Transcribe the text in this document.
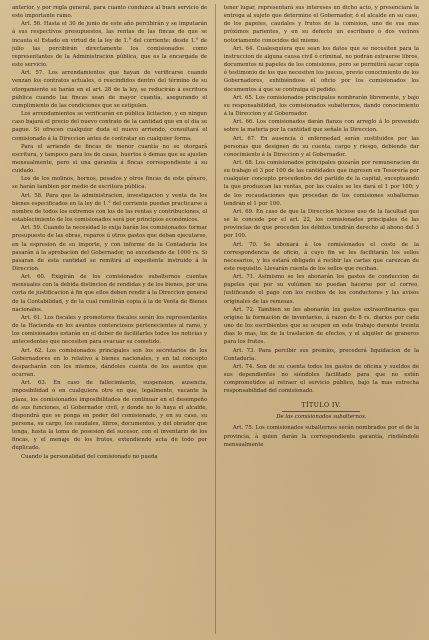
anterior, y por regla general, para cuanto conduzca al buen servicio de este importante ramo.

Art. 56. Hasta el 30 de junio de este año percibirán y se imputarán á sus respectivos presupuestos, las rentas de las fincas de que se incauta el Estado en virtud de la ley de 1.° del corriente; desde 1.° de julio las percibirán directamente los comisionados como representantes de la Administracion pública, que es la encargada de este servicio.

Art. 57. Los arrendamientos que hayan de verificarse cuando venzan los contratos actuales, ó rescindidos dentro del término de su otorgamiento se harán en el art. 28 de la ley, se reducirán á escritura pública cuando las fincas sean de mayor cuantía, asegurando el cumplimiento de las condiciones que se estipulen.

Los arrendamientos se verificarán en pública licitacion, y en ningun caso bajará el precio del nuevo contrato de la cantidad que en el dia se pague. Si ofrecen cualquier duda el nuevo arriendo, consultará el comisionado á la Direccion antes de contratar en cualquier forma.

Para el arriendo de fincas de menor cuantía no se otorgará escritura, y tampoco para los de casas, huertos ó demas que se ajusten mensualmente, pero si una garantía á fincas correspondiente á su cuidado.

Los de los molinos, hornos, pesados y otros fincas de este género, se harán tambien por medio de escritura pública.

Art. 58. Para que la administracion, investigacion y venta de los bienes especificados en la ley de 1.° del corriente puedan practicarse á nombre de todos los extremos con los de las rentas y contribuciones, el establecimiento de los comisionados será por principios económicos.

Art. 59. Cuando la necesidad lo exija harán los comisionados formar presupuesto de las obras, reparos ú otros gastos que deban ejecutarse, en la espresion de su importe, y con informe de la Contaduría los pasarán á la aprobacion del Gobernador, no excediendo de 1000 rs. Si pasaran de esta cantidad se remitirá al expediente instruido á la Direccion.

Art. 60. Exigirán de los comisionados subalternos cuentas mensuales con la debida distincion de rendidas y de los bienes, por una corta de justificacion á fin que ellos deben rendir á la Direccion general de la Contabilidad, y de la cual remitirán copia á la de Venta de Bienes nacionales.

Art. 61. Los fiscales y promotores fiscales serán los representantes de la Hacienda en los asuntos contenciosos pertenecientes al ramo, y los comisionados estarán en el deber de facilitarles todos los noticias y antecedentes que necesiten para evacuar su cometido.

Art. 62. Los comisionados principales son los secretarios de los Gobernadores en lo relativo á bienes nacionales, y en tal concepto despacharán con los mismos, dándoles cuenta de los asuntos que ocurran.

Art. 63. En caso de fallecimiento, suspension, ausencia, imposibilidad ó en cualquiera otro en que, legalmente, vacante la plaza, los comisionados imposibilitados de continuar en el desempeño de sus funciones, el Gobernador civil, y donde no lo haya el alcalde, dispondrá que se ponga en poder del comisionado, y en su caso, su persona, su cargo, los caudales, libros, documentos, y del obrador que tenga, hasta la toma de posesion del sucesor, con el inventario de los fincas, y el menaje de los frutos, extendiendo acta de todo por duplicado.

Cuando la personalidad del comisionado no pueda

tener lugar, representará sus intereses un dicho acto, y presenciará la entrega al sujeto que determine el Gobernador, ó el alcalde en su caso, de los papeles, caudales y frutos de la comision, uno de sus mas próximos parientes, y en su defecto un escribano ó dos vecinos notoriamente conocidos del mismo.

Art. 64. Cualesquiera que sean los datos que se necesiten para la instruccion de alguna causa civil ó criminal, no podrán extraerse libros, documentos ni papeles de los comisiones, pero se permitirá sacar copia ó testimonio de los que necesiten los jueces, previo conocimiento de los Gobernadores, exhibiéndose el oficio por los comisionados los documentos á que se contraiga el pedido.

Art. 65. Los comisionados principales nombrarán libremente, y bajo su responsabilidad, los comisionados subalternos, dando conocimiento á la Direccion y al Gobernador.

Art. 66. Los comisionados darán fianza con arreglo á lo prevenido sobre la materia por la cantidad que señale la Direccion.

Art. 67. En ausencia ó enfermedad serán sustituidos por las personas que designen de su cuenta, cargo y riesgo, debiendo dar conocimiento á la Direccion y al Gobernador.

Art. 68. Los comisionados principales gozarán por remuneracion de su trabajo el 3 por 100 de las cantidades que ingresen en Tesorería por cualquier concepto procedentes del partido de la capital, exceptuando la que produzcan las ventas, por las cuales se les dará el 1 por 100; y de los recaudaciones que procedan de los comisiones subalternas tendrán el 1 por 100.

Art. 69. En caso de que la Direccion hiciese uso de la facultad que se le concede por el art. 22, los comisionados principales de las provincias de que proceden los débitos tendrán derecho al abono del 3 por 100.

Art. 70. Se abonará á los comisionados el costo de la correspondencia de oficio, á cuyo fin se les facilitarán los sellos necesarios, y les estará obligado á recibir las cartas que carezcan de este requisito. Llevarán cuenta de los sellos que reciban.

Art. 71. Asimismo se les abonarán los gastos de conduccion de papeles que por su volúmen no puedan hacerse por el correo, justificando el pago con los recibos de los conductores y las avisos originales de las remesas.

Art. 72. Tambien se les abonarán los gastos extraordinarios que origine la formacion de inventarios, á razon de 8 rs. diarios por cada uno de los escribientes que se ocupen en este trabajo durante treinta dias lo mas, los de la traslacion de efectos, y el alquiler de graneros para los frutos.

Art. 73. Para percibir sus premios, precederá liquidacion de la Contaduría.

Art. 74. Son de su cuenta todos los gastos de oficina y sueldos de sus dependientes no siéndoles facilitado para que no estén comprometidos al retraer el servicio público, bajo la mas estrecha responsabilidad del comisionado.

TÍTULO IV.

De los comisionados subalternos.

Art. 75. Los comisionados subalternos serán nombrados por el de la provincia, á quien darán la correspondiente garantía, rindiéndole mensualmente
